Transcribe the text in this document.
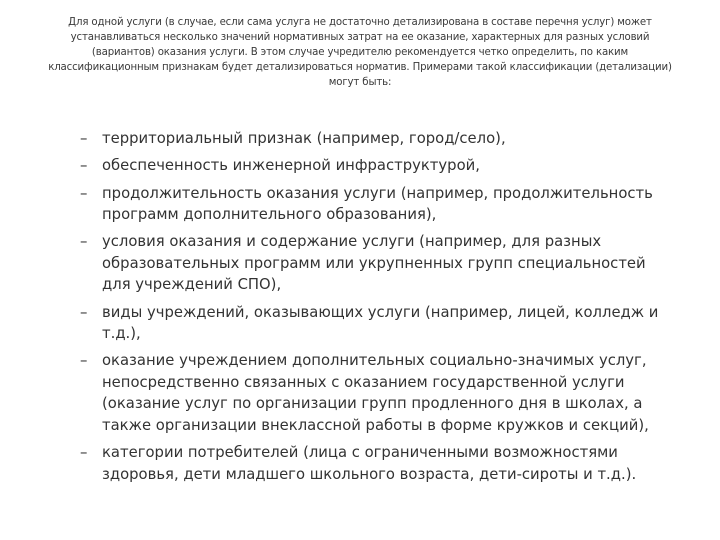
Для одной услуги (в случае, если сама услуга не достаточно детализирована в составе перечня услуг) может устанавливаться несколько значений нормативных затрат на ее оказание, характерных для разных условий (вариантов) оказания услуги. В этом случае учредителю рекомендуется четко определить, по каким классификационным признакам будет детализироваться норматив. Примерами такой классификации (детализации) могут быть:

– территориальный признак (например, город/село),
– обеспеченность инженерной инфраструктурой,
– продолжительность оказания услуги (например, продолжительность программ дополнительного образования),
– условия оказания и содержание услуги (например, для разных образовательных программ или укрупненных групп специальностей для учреждений СПО),
– виды учреждений, оказывающих услуги (например, лицей, колледж и т.д.),
– оказание учреждением дополнительных социально-значимых услуг, непосредственно связанных с оказанием государственной услуги (оказание услуг по организации групп продленного дня в школах, а также организации внеклассной работы в форме кружков и секций),
– категории потребителей (лица с ограниченными возможностями здоровья, дети младшего школьного возраста, дети-сироты и т.д.).
